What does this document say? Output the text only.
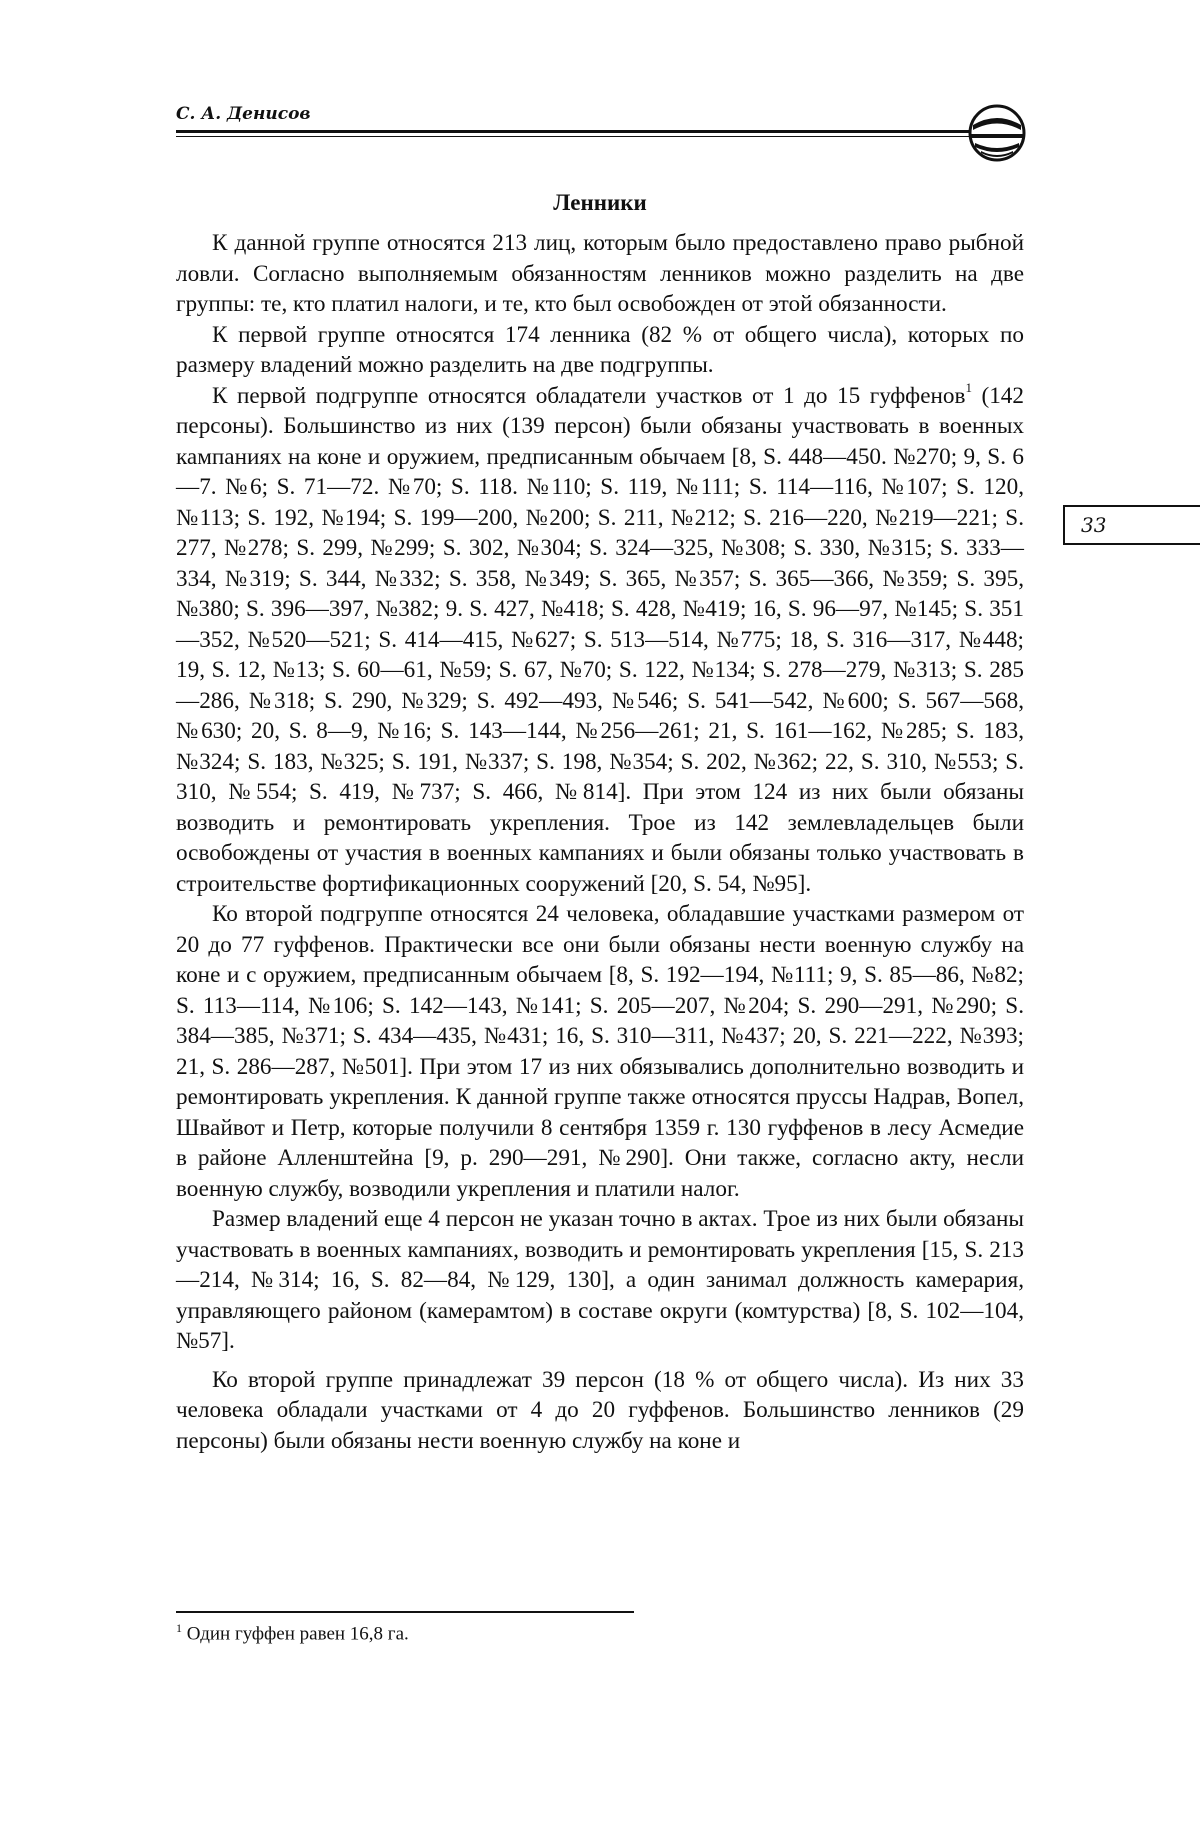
С. А. Денисов
33
Ленники

К данной группе относятся 213 лиц, которым было предоставлено право рыбной ловли. Согласно выполняемым обязанностям ленников можно разделить на две группы: те, кто платил налоги, и те, кто был освобожден от этой обязанности.

К первой группе относятся 174 ленника (82 % от общего числа), которых по размеру владений можно разделить на две подгруппы.

К первой подгруппе относятся обладатели участков от 1 до 15 гуффенов$^1$ (142 персоны). Большинство из них (139 персон) были обязаны участвовать в военных кампаниях на коне и оружием, предписанным обычаем [8, S. 448—450. №270; 9, S. 6—7. №6; S. 71—72. №70; S. 118. №110; S. 119, №111; S. 114—116, №107; S. 120, №113; S. 192, №194; S. 199—200, №200; S. 211, №212; S. 216—220, №219—221; S. 277, №278; S. 299, №299; S. 302, №304; S. 324—325, №308; S. 330, №315; S. 333—334, №319; S. 344, №332; S. 358, №349; S. 365, №357; S. 365—366, №359; S. 395, №380; S. 396—397, №382; 9. S. 427, №418; S. 428, №419; 16, S. 96—97, №145; S. 351—352, №520—521; S. 414—415, №627; S. 513—514, №775; 18, S. 316—317, №448; 19, S. 12, №13; S. 60—61, №59; S. 67, №70; S. 122, №134; S. 278—279, №313; S. 285—286, №318; S. 290, №329; S. 492—493, №546; S. 541—542, №600; S. 567—568, №630; 20, S. 8—9, №16; S. 143—144, №256—261; 21, S. 161—162, №285; S. 183, №324; S. 183, №325; S. 191, №337; S. 198, №354; S. 202, №362; 22, S. 310, №553; S. 310, №554; S. 419, №737; S. 466, №814]. При этом 124 из них были обязаны возводить и ремонтировать укрепления. Трое из 142 землевладельцев были освобождены от участия в военных кампаниях и были обязаны только участвовать в строительстве фортификационных сооружений [20, S. 54, №95].

Ко второй подгруппе относятся 24 человека, обладавшие участками размером от 20 до 77 гуффенов. Практически все они были обязаны нести военную службу на коне и с оружием, предписанным обычаем [8, S. 192—194, №111; 9, S. 85—86, №82; S. 113—114, №106; S. 142—143, №141; S. 205—207, №204; S. 290—291, №290; S. 384—385, №371; S. 434—435, №431; 16, S. 310—311, №437; 20, S. 221—222, №393; 21, S. 286—287, №501]. При этом 17 из них обязывались дополнительно возводить и ремонтировать укрепления. К данной группе также относятся пруссы Надрав, Вопел, Швайвот и Петр, которые получили 8 сентября 1359 г. 130 гуффенов в лесу Асмедие в районе Алленштейна [9, p. 290—291, №290]. Они также, согласно акту, несли военную службу, возводили укрепления и платили налог.

Размер владений еще 4 персон не указан точно в актах. Трое из них были обязаны участвовать в военных кампаниях, возводить и ремонтировать укрепления [15, S. 213—214, №314; 16, S. 82—84, №129, 130], а один занимал должность камерария, управляющего районом (камерамтом) в составе округи (комтурства) [8, S. 102—104, №57].

Ко второй группе принадлежат 39 персон (18 % от общего числа). Из них 33 человека обладали участками от 4 до 20 гуффенов. Большинство ленников (29 персоны) были обязаны нести военную службу на коне и

$^1$ Один гуффен равен 16,8 га.
